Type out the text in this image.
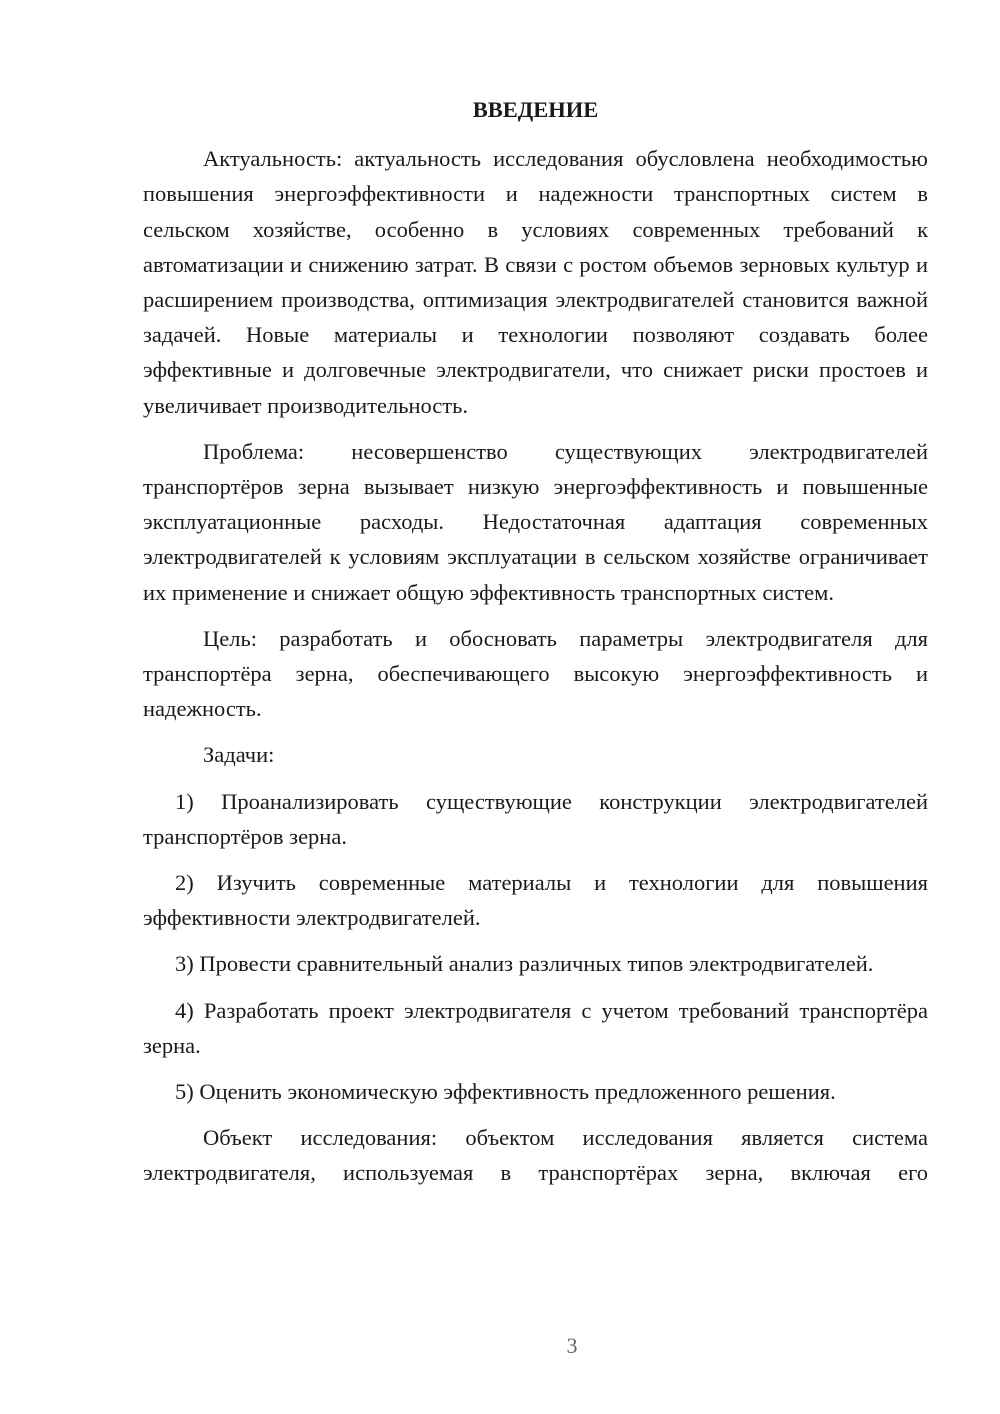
ВВЕДЕНИЕ

Актуальность: актуальность исследования обусловлена необходимостью повышения энергоэффективности и надежности транспортных систем в сельском хозяйстве, особенно в условиях современных требований к автоматизации и снижению затрат. В связи с ростом объемов зерновых культур и расширением производства, оптимизация электродвигателей становится важной задачей. Новые материалы и технологии позволяют создавать более эффективные и долговечные электродвигатели, что снижает риски простоев и увеличивает производительность.

Проблема: несовершенство существующих электродвигателей транспортёров зерна вызывает низкую энергоэффективность и повышенные эксплуатационные расходы. Недостаточная адаптация современных электродвигателей к условиям эксплуатации в сельском хозяйстве ограничивает их применение и снижает общую эффективность транспортных систем.

Цель: разработать и обосновать параметры электродвигателя для транспортёра зерна, обеспечивающего высокую энергоэффективность и надежность.

Задачи:

1) Проанализировать существующие конструкции электродвигателей транспортёров зерна.
2) Изучить современные материалы и технологии для повышения эффективности электродвигателей.
3) Провести сравнительный анализ различных типов электродвигателей.
4) Разработать проект электродвигателя с учетом требований транспортёра зерна.
5) Оценить экономическую эффективность предложенного решения.

Объект исследования: объектом исследования является система электродвигателя, используемая в транспортёрах зерна, включая его

3
